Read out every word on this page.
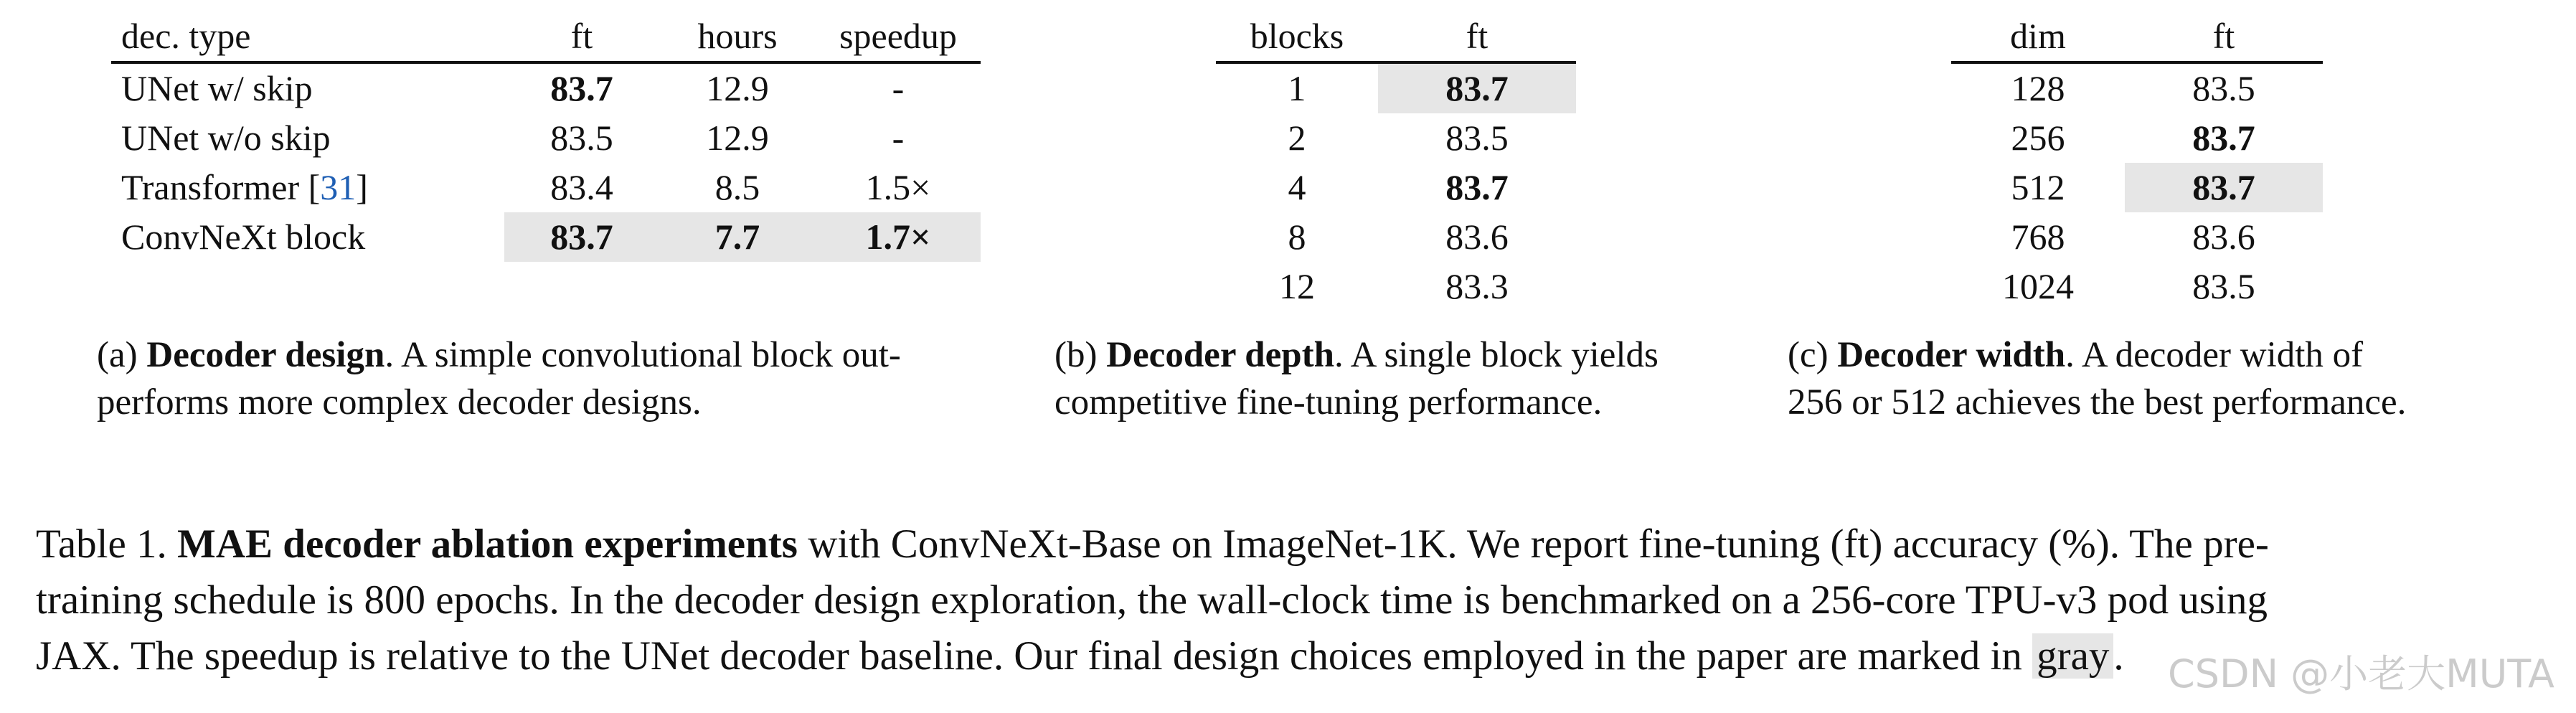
dec. type	ft	hours	speedup
UNet w/ skip	83.7	12.9	-
UNet w/o skip	83.5	12.9	-
Transformer [31]	83.4	8.5	1.5×
ConvNeXt block	83.7	7.7	1.7×
(a) Decoder design. A simple convolutional block out-
performs more complex decoder designs.
blocks	ft
1	83.7
2	83.5
4	83.7
8	83.6
12	83.3
(b) Decoder depth. A single block yields
competitive fine-tuning performance.
dim	ft
128	83.5
256	83.7
512	83.7
768	83.6
1024	83.5
(c) Decoder width. A decoder width of
256 or 512 achieves the best performance.
Table 1. MAE decoder ablation experiments with ConvNeXt-Base on ImageNet-1K. We report fine-tuning (ft) accuracy (%). The pre-
training schedule is 800 epochs. In the decoder design exploration, the wall-clock time is benchmarked on a 256-core TPU-v3 pod using
JAX. The speedup is relative to the UNet decoder baseline. Our final design choices employed in the paper are marked in gray .	CSDN @小老大MUTA
